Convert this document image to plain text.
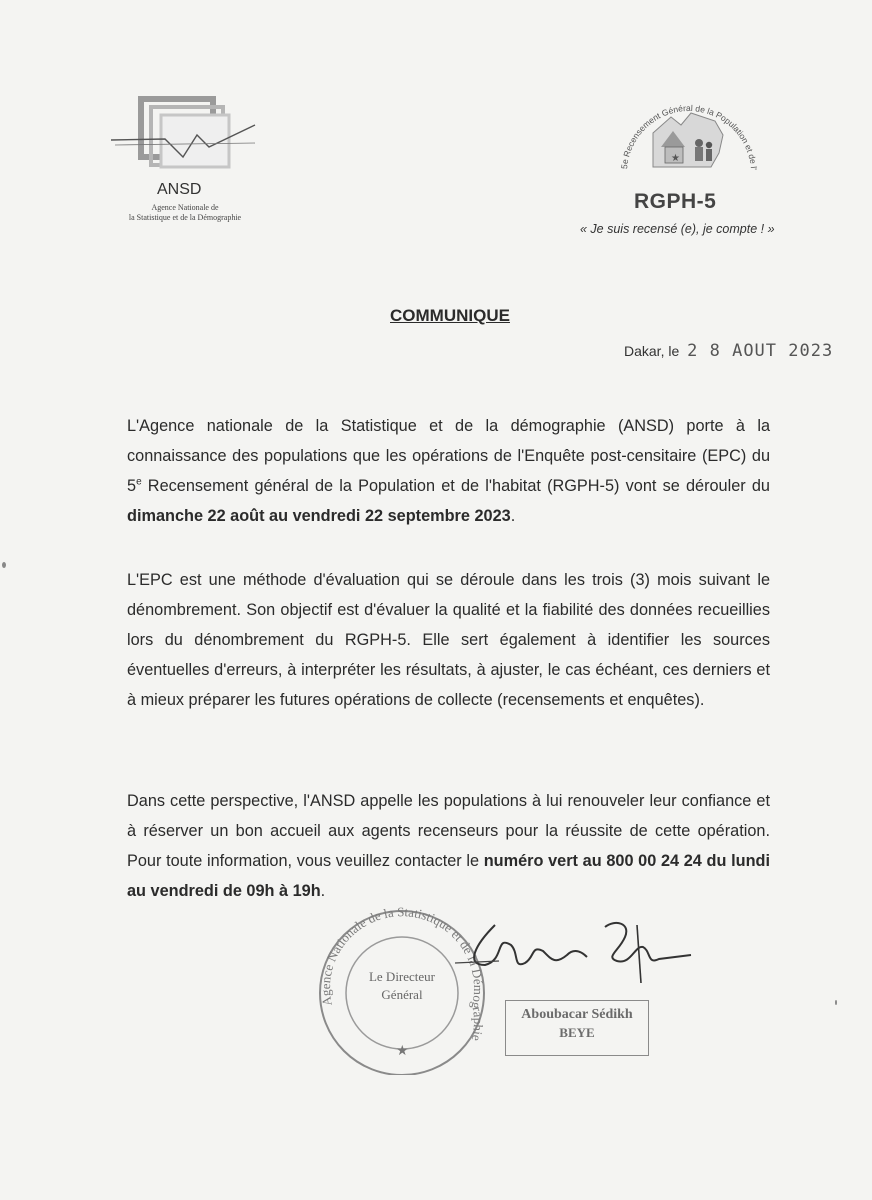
ANSD
Agence Nationale de
la Statistique et de la Démographie
5e Recensement Général de la Population et de l'
★
RGPH-5
« Je suis recensé (e), je compte ! »
COMMUNIQUE
Dakar, le 2 8 AOUT 2023
L'Agence nationale de la Statistique et de la démographie (ANSD) porte à la connaissance des populations que les opérations de l'Enquête post-censitaire (EPC) du 5e Recensement général de la Population et de l'habitat (RGPH-5) vont se dérouler du dimanche 22 août au vendredi 22 septembre 2023.
L'EPC est une méthode d'évaluation qui se déroule dans les trois (3) mois suivant le dénombrement. Son objectif est d'évaluer la qualité et la fiabilité des données recueillies lors du dénombrement du RGPH-5. Elle sert également à identifier les sources éventuelles d'erreurs, à interpréter les résultats, à ajuster, le cas échéant, ces derniers et à mieux préparer les futures opérations de collecte (recensements et enquêtes).
Dans cette perspective, l'ANSD appelle les populations à lui renouveler leur confiance et à réserver un bon accueil aux agents recenseurs pour la réussite de cette opération. Pour toute information, vous veuillez contacter le numéro vert au 800 00 24 24 du lundi au vendredi de 09h à 19h.
Agence Nationale de la Statistique et de la Démographie
Le Directeur
Général
★
Aboubacar Sédikh
BEYE
